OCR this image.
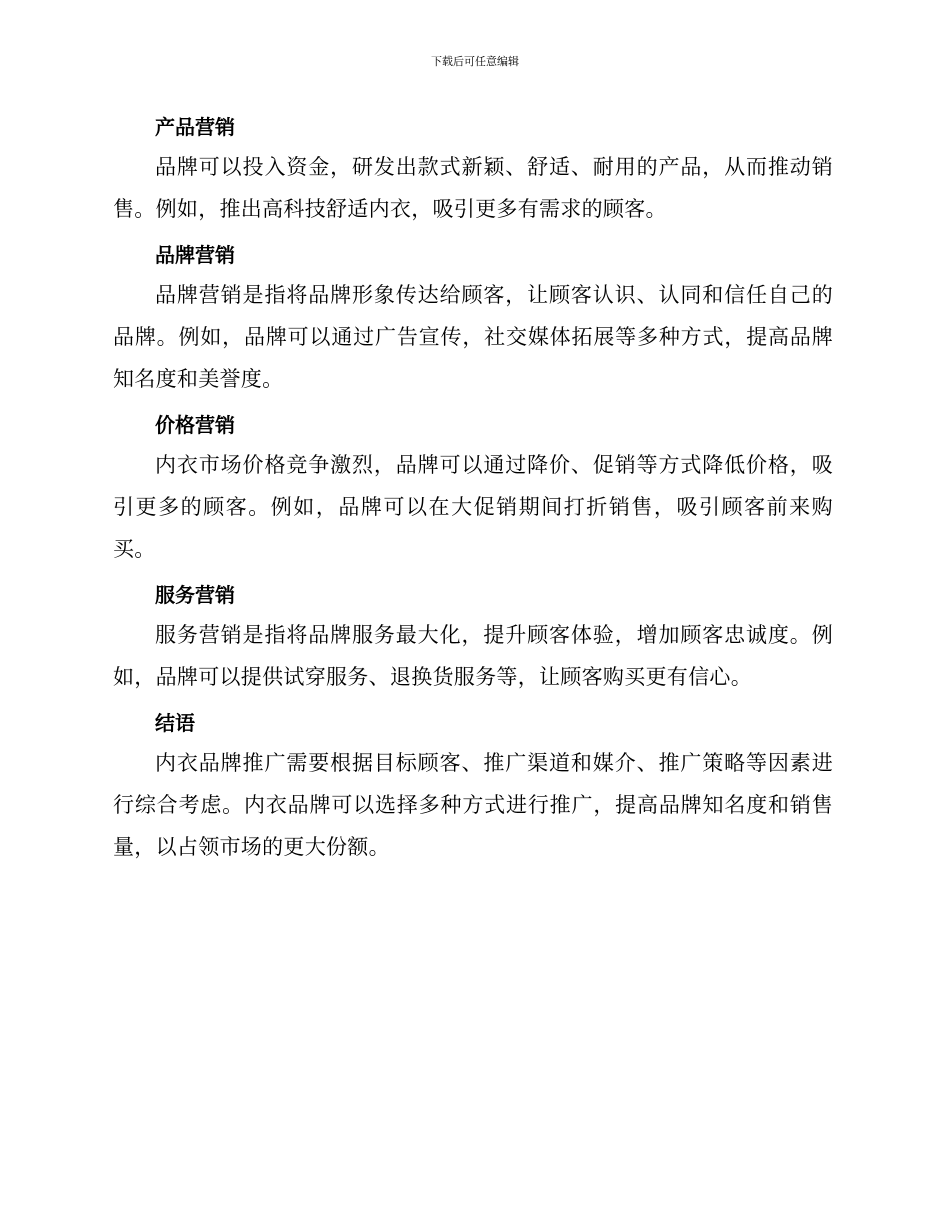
下载后可任意编辑
产品营销

品牌可以投入资金，研发出款式新颖、舒适、耐用的产品，从而推动销售。例如，推出高科技舒适内衣，吸引更多有需求的顾客。

品牌营销

品牌营销是指将品牌形象传达给顾客，让顾客认识、认同和信任自己的品牌。例如，品牌可以通过广告宣传，社交媒体拓展等多种方式，提高品牌知名度和美誉度。

价格营销

内衣市场价格竞争激烈，品牌可以通过降价、促销等方式降低价格，吸引更多的顾客。例如，品牌可以在大促销期间打折销售，吸引顾客前来购买。

服务营销

服务营销是指将品牌服务最大化，提升顾客体验，增加顾客忠诚度。例如，品牌可以提供试穿服务、退换货服务等，让顾客购买更有信心。

结语

内衣品牌推广需要根据目标顾客、推广渠道和媒介、推广策略等因素进行综合考虑。内衣品牌可以选择多种方式进行推广，提高品牌知名度和销售量，以占领市场的更大份额。
